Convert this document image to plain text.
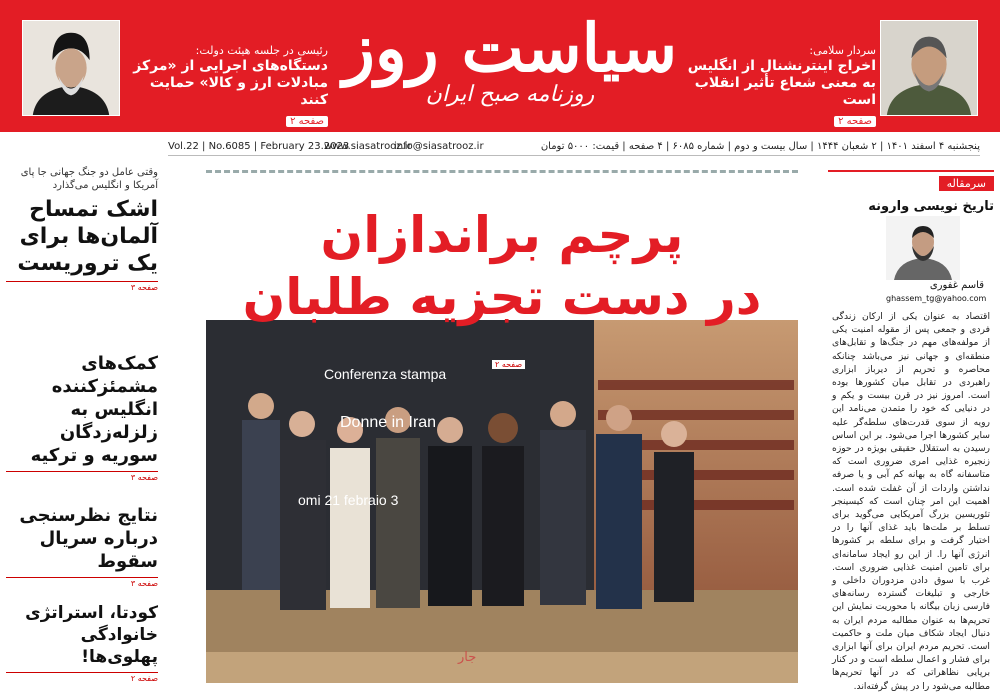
رئیسی در جلسه هیئت دولت:
دستگاه‌های اجرایی از «مرکز مبادلات ارز و کالا» حمایت کنند
صفحه ۲
سیاست روز
روزنامه صبح ایران
سردار سلامی:
اخراج اینترنشنال از انگلیس به معنی شعاع تأثیر انقلاب است
صفحه ۲
Vol.22 | No.6085 | February 23.2023
www.siasatrooz.ir
info@siasatrooz.ir	پنجشنبه ۴ اسفند ۱۴۰۱ | ۲ شعبان ۱۴۴۴ | سال بیست و دوم | شماره ۶۰۸۵ | ۴ صفحه | قیمت: ۵۰۰۰ تومان
وقتی عامل دو جنگ جهانی جا پای آمریکا و انگلیس می‌گذارد
اشک تمساح آلمان‌ها برای یک تروریست
صفحه ۳
کمک‌های مشمئزکننده انگلیس به زلزله‌زدگان سوریه و ترکیه
صفحه ۳
نتایج نظرسنجی درباره سریال سقوط
صفحه ۳
کودتا، استراتژی خانوادگی پهلوی‌ها!
صفحه ۲
پرچم براندازان
در دست تجزیه طلبان
صفحه ۲
Conferenza stampa
Donne in Iran
omi 21 febraio 3
جار
سرمقاله
تاریخ نویسی وارونه
قاسم غفوری
ghassem_tg@yahoo.com
اقتصاد به عنوان یکی از ارکان زندگی فردی و جمعی پس از مقوله امنیت یکی از مولفه‌های مهم در جنگ‌ها و تقابل‌های منطقه‌ای و جهانی نیز می‌باشد چنانکه محاصره و تحریم از دیرباز ابزاری راهبردی در تقابل میان کشورها بوده است. امروز نیز در قرن بیست و یکم و در دنیایی که خود را متمدن می‌نامد این رویه از سوی قدرت‌های سلطه‌گر علیه سایر کشورها اجرا می‌شود. بر این اساس رسیدن به استقلال حقیقی بویژه در حوزه زنجیره غذایی امری ضروری است که متاسفانه گاه به بهانه کم آبی و یا صرفه نداشتن واردات از آن غفلت شده است. اهمیت این امر چنان است که کیسینجر تئوریسین بزرگ آمریکایی می‌گوید برای تسلط بر ملت‌ها باید غذای آنها را در اختیار گرفت و برای سلطه بر کشورها انرژی آنها را. از این رو ایجاد سامانه‌ای برای تامین امنیت غذایی ضروری است. غرب با سوق دادن مزدوران داخلی و خارجی و تبلیغات گسترده رسانه‌های فارسی زبان بیگانه با محوریت نمایش این تحریم‌ها به عنوان مطالبه مردم ایران به دنبال ایجاد شکاف میان ملت و حاکمیت است. تحریم مردم ایران برای آنها ابزاری برای فشار و اعمال سلطه است و در کنار برپایی نظاهراتی که در آنها تحریم‌ها مطالبه می‌شود را در پیش گرفته‌اند.
